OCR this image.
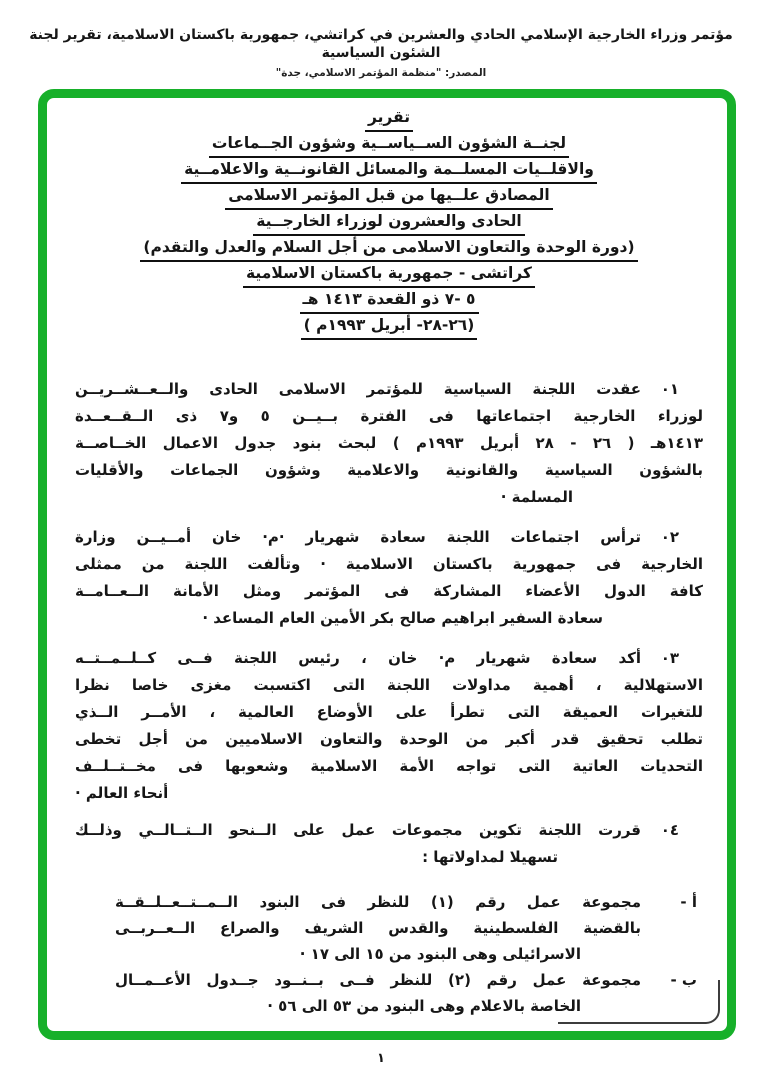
مؤتمر وزراء الخارجية الإسلامي الحادي والعشرين في كراتشي، جمهورية باكستان الاسلامية، تقرير لجنة الشئون السياسية
المصدر: "منظمة المؤتمر الاسلامي، جدة"
تقرير
لجنــة الشؤون الســياســية وشؤون الجــماعات
والاقلــيات المسلــمة والمسائل القانونــية والاعلامــية
المصادق علــيها من قبل المؤتمر الاسلامى
الحادى والعشرون لوزراء الخارجــية
(دورة الوحدة والتعاون الاسلامى من أجل السلام والعدل والتقدم)
كراتشى - جمهورية باكستان الاسلامية
٥ -٧ ذو القعدة ١٤١٣ هـ
(٢٦-٢٨- أبريل ١٩٩٣م )
٠١
عقدت اللجنة السياسية للمؤتمر الاسلامى الحادى والــعــشــريــن
لوزراء الخارجية اجتماعاتها فى الفترة بــيــن ٥ و٧ ذى الــقــعــدة
١٤١٣هـ ( ٢٦ - ٢٨ أبريل ١٩٩٣م ) لبحث بنود جدول الاعمال الخــاصــة
بالشؤون السياسية والقانونية والاعلامية وشؤون الجماعات والأقليات
المسلمة ·
٠٢
ترأس اجتماعات اللجنة سعادة شهريار ·م· خان أمــيــن وزارة
الخارجية فى جمهورية باكستان الاسلامية · وتألفت اللجنة من ممثلى
كافة الدول الأعضاء المشاركة فى المؤتمر ومثل الأمانة الــعــامــة
سعادة السفير ابراهيم صالح بكر الأمين العام المساعد ·
٠٣
أكد سعادة شهريار م· خان ، رئيس اللجنة فــى كــلــمــتــه
الاستهلالية ، أهمية مداولات اللجنة التى اكتسبت مغزى خاصا نظرا
للتغيرات العميقة التى تطرأ على الأوضاع العالمية ، الأمــر الــذي
تطلب تحقيق قدر أكبر من الوحدة والتعاون الاسلاميين من أجل تخطى
التحديات العاتية التى تواجه الأمة الاسلامية وشعوبها فى مخــتــلــف
أنحاء العالم ·
٠٤
قررت اللجنة تكوين مجموعات عمل على الــنحو الــتــالــي وذلــك
تسهيلا لمداولاتها :
أ -
مجموعة عمل رقم (١) للنظر فى البنود الــمــتــعــلــقــة
بالقضية الفلسطينية والقدس الشريف والصراع الــعــربــى
الاسرائيلى وهى البنود من ١٥ الى ١٧ ·
ب -
مجموعة عمل رقم (٢) للنظر فــى بــنــود جــدول الأعــمــال
الخاصة بالاعلام وهى البنود من ٥٣ الى ٥٦ ·
١
